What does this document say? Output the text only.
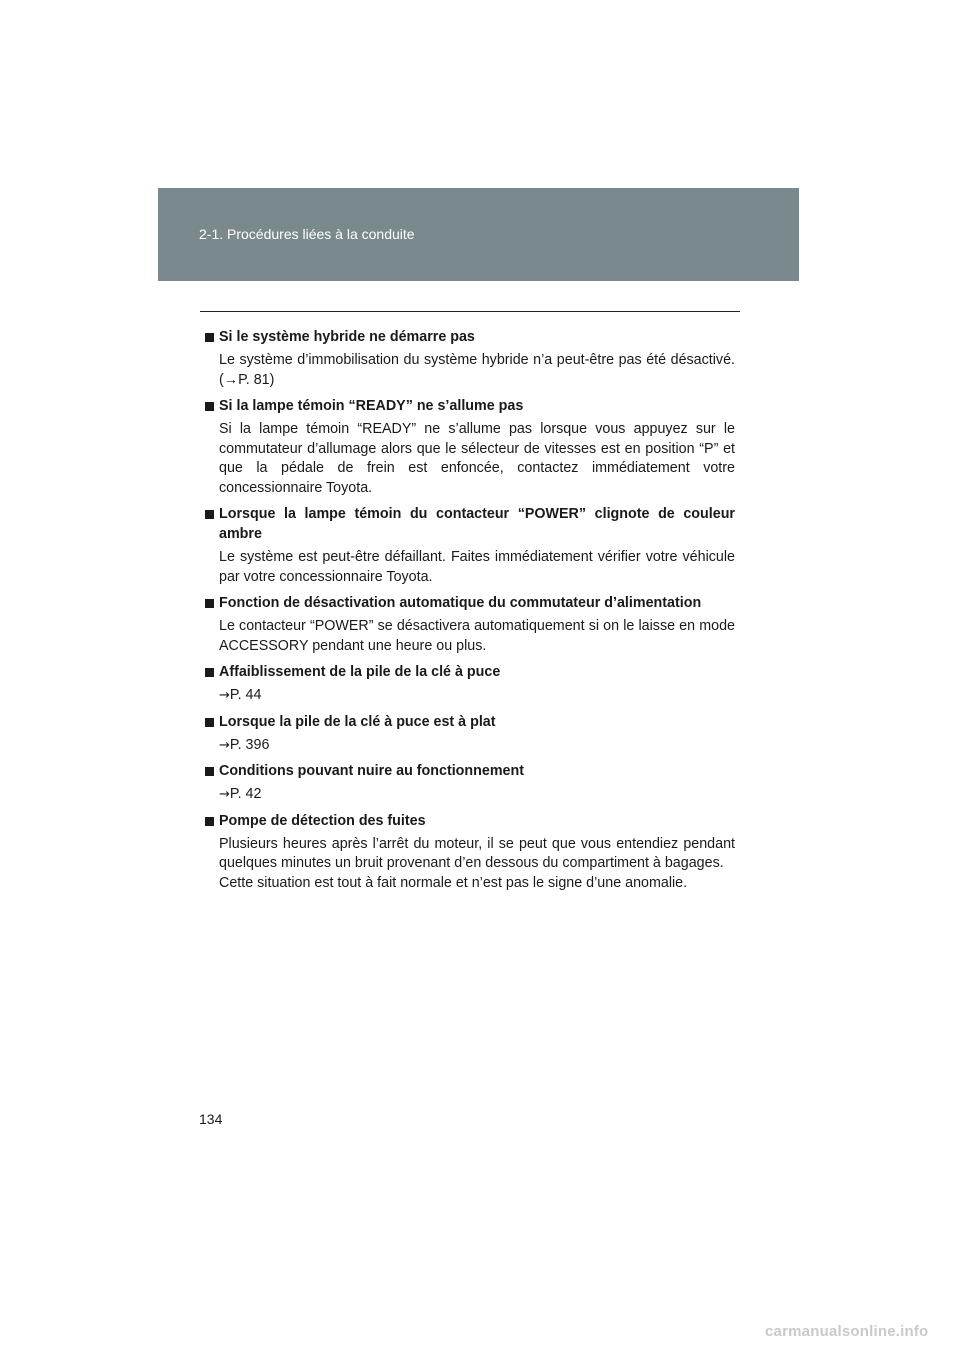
2-1. Procédures liées à la conduite
Si le système hybride ne démarre pas
Le système d’immobilisation du système hybride n’a peut-être pas été désactivé. (→P. 81)
Si la lampe témoin “READY” ne s’allume pas
Si la lampe témoin “READY” ne s’allume pas lorsque vous appuyez sur le commutateur d’allumage alors que le sélecteur de vitesses est en position “P” et que la pédale de frein est enfoncée, contactez immédiatement votre concessionnaire Toyota.
Lorsque la lampe témoin du contacteur “POWER” clignote de couleur ambre
Le système est peut-être défaillant. Faites immédiatement vérifier votre véhicule par votre concessionnaire Toyota.
Fonction de désactivation automatique du commutateur d’alimentation
Le contacteur “POWER” se désactivera automatiquement si on le laisse en mode ACCESSORY pendant une heure ou plus.
Affaiblissement de la pile de la clé à puce
→P. 44
Lorsque la pile de la clé à puce est à plat
→P. 396
Conditions pouvant nuire au fonctionnement
→P. 42
Pompe de détection des fuites
Plusieurs heures après l’arrêt du moteur, il se peut que vous entendiez pendant quelques minutes un bruit provenant d’en dessous du compartiment à bagages.
Cette situation est tout à fait normale et n’est pas le signe d’une anomalie.
134
carmanualsonline.info
